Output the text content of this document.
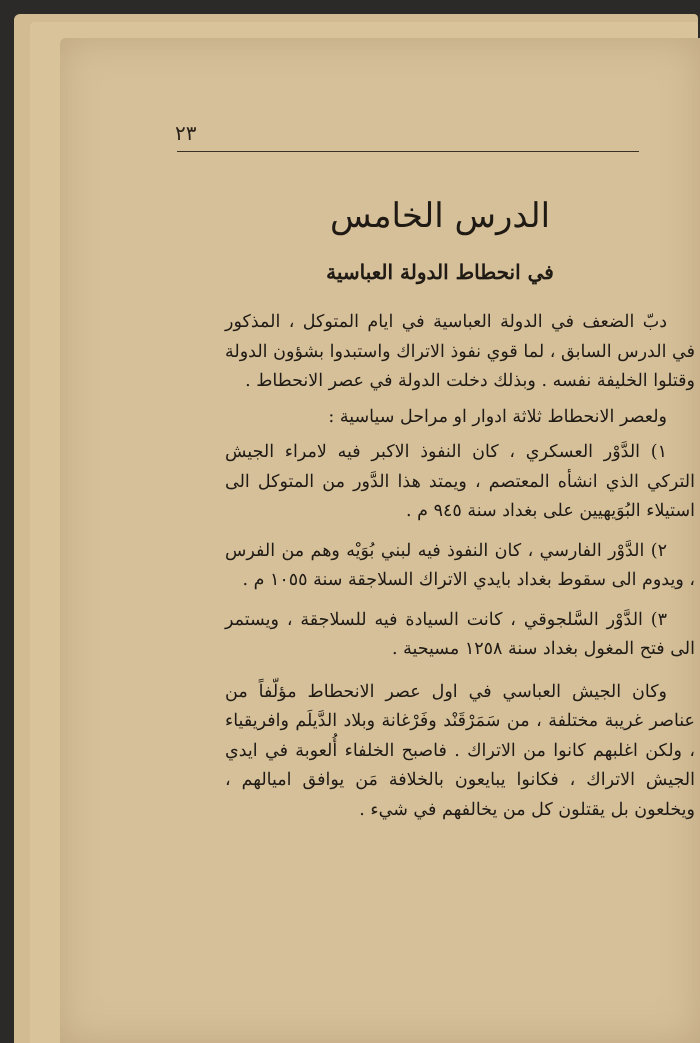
٢٣
الدرس الخامس
في انحطاط الدولة العباسية

دبّ الضعف في الدولة العباسية في ايام المتوكل ، المذكور في الدرس السابق ، لما قوي نفوذ الاتراك واستبدوا بشؤون الدولة وقتلوا الخليفة نفسه . وبذلك دخلت الدولة في عصر الانحطاط .

ولعصر الانحطاط ثلاثة ادوار او مراحل سياسية :

١) الدَّوْر العسكري ، كان النفوذ الاكبر فيه لامراء الجيش التركي الذي انشأه المعتصم ، ويمتد هذا الدَّور من المتوكل الى استيلاء البُوَيهيين على بغداد سنة ٩٤٥ م .

٢) الدَّوْر الفارسي ، كان النفوذ فيه لبني بُوَيْه وهم من الفرس ، ويدوم الى سقوط بغداد بايدي الاتراك السلاجقة سنة ١٠٥٥ م .

٣) الدَّوْر السَّلجوقي ، كانت السيادة فيه للسلاجقة ، ويستمر الى فتح المغول بغداد سنة ١٢٥٨ مسيحية .

وكان الجيش العباسي في اول عصر الانحطاط مؤلّفاً من عناصر غريبة مختلفة ، من سَمَرْقَنْد وفَرْغانة وبلاد الدَّيلَم وافريقياء ، ولكن اغلبهم كانوا من الاتراك . فاصبح الخلفاء أُلعوبة في ايدي الجيش الاتراك ، فكانوا يبايعون بالخلافة مَن يوافق اميالهم ، ويخلعون بل يقتلون كل من يخالفهم في شيء .
